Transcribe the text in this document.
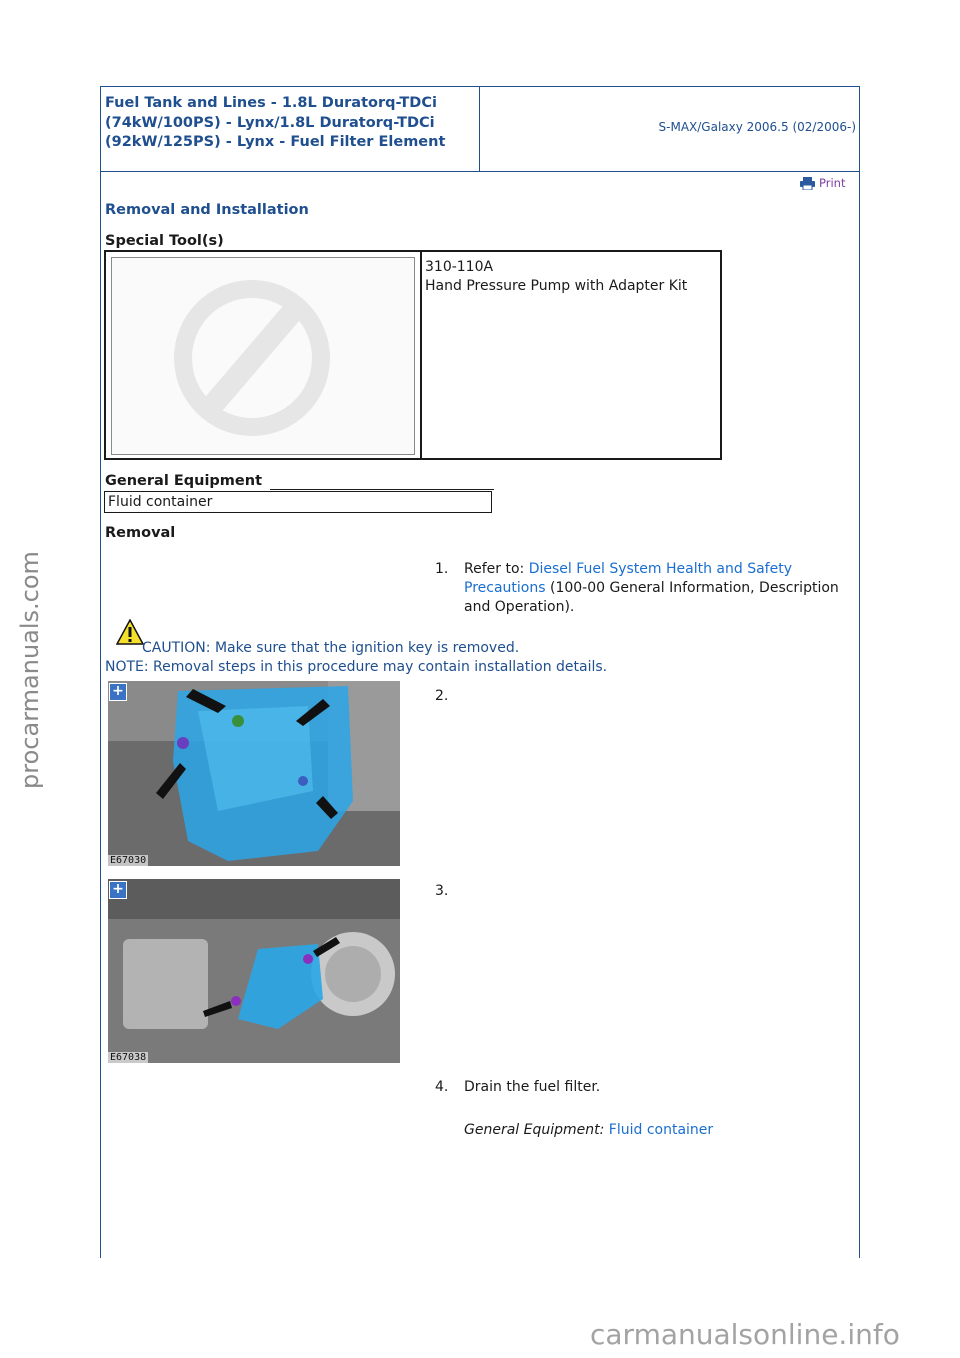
Fuel Tank and Lines - 1.8L Duratorq-TDCi (74kW/100PS) - Lynx/1.8L Duratorq-TDCi (92kW/125PS) - Lynx - Fuel Filter Element
S-MAX/Galaxy 2006.5 (02/2006-)
Print
Removal and Installation
Special Tool(s)
310-110A
Hand Pressure Pump with Adapter Kit
General Equipment
Fluid container
Removal
1. Refer to: Diesel Fuel System Health and Safety Precautions (100-00 General Information, Description and Operation).
CAUTION: Make sure that the ignition key is removed.
NOTE: Removal steps in this procedure may contain installation details.
+
E67030
2.
+
E67038
3.
4. Drain the fuel filter.
General Equipment: Fluid container
procarmanuals.com
carmanualsonline.info
